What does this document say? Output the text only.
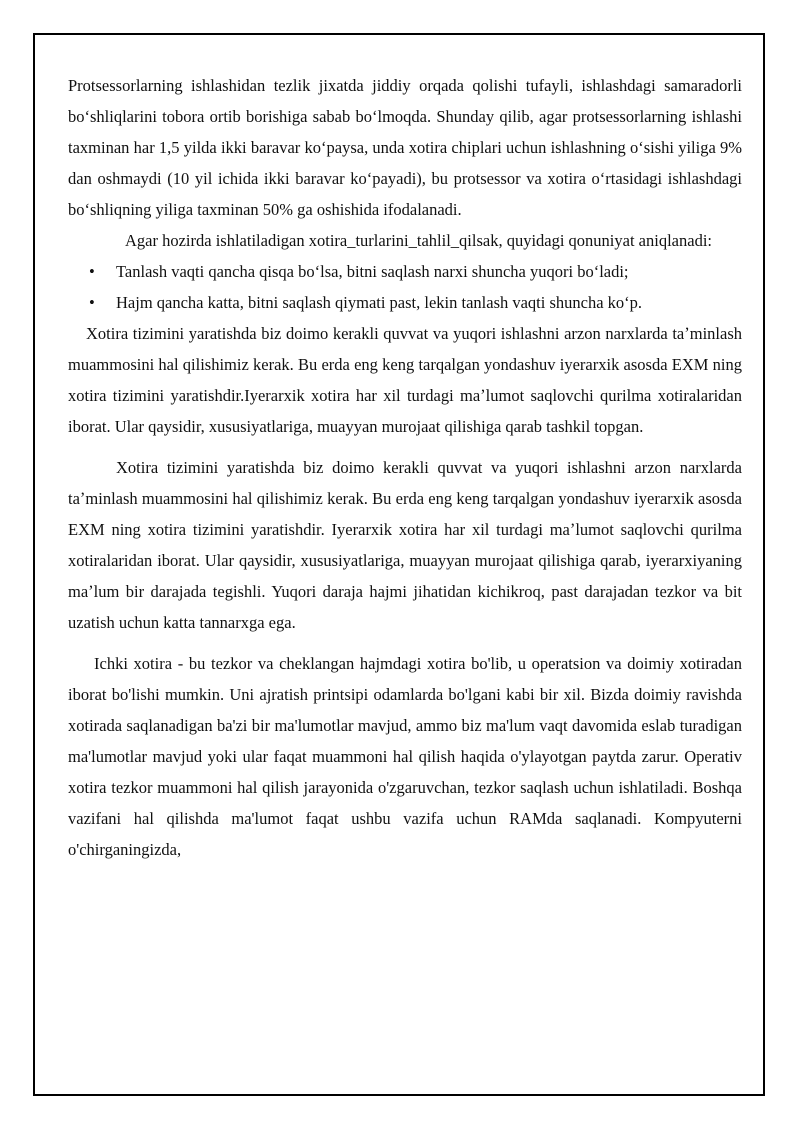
Protsessorlarning ishlashidan tezlik jixatda jiddiy orqada qolishi tufayli, ishlashdagi samaradorli boʻshliqlarini tobora ortib borishiga sabab boʻlmoqda. Shunday qilib, agar protsessorlarning ishlashi taxminan har 1,5 yilda ikki baravar koʻpaysa, unda xotira chiplari uchun ishlashning oʻsishi yiliga 9% dan oshmaydi (10 yil ichida ikki baravar koʻpayadi), bu protsessor va xotira oʻrtasidagi ishlashdagi boʻshliqning yiliga taxminan 50% ga oshishida ifodalanadi.

Agar hozirda ishlatiladigan xotira_turlarini_tahlil_qilsak, quyidagi qonuniyat aniqlanadi:

• Tanlash vaqti qancha qisqa boʻlsa, bitni saqlash narxi shuncha yuqori boʻladi;
• Hajm qancha katta, bitni saqlash qiymati past, lekin tanlash vaqti shuncha koʻp.

Xotira tizimini yaratishda biz doimo kerakli quvvat va yuqori ishlashni arzon narxlarda taʼminlash muammosini hal qilishimiz kerak. Bu erda eng keng tarqalgan yondashuv iyerarxik asosda EXM ning xotira tizimini yaratishdir.Iyerarxik xotira har xil turdagi maʼlumot saqlovchi qurilma xotiralaridan iborat. Ular qaysidir, xususiyatlariga, muayyan murojaat qilishiga qarab tashkil topgan.

Xotira tizimini yaratishda biz doimo kerakli quvvat va yuqori ishlashni arzon narxlarda taʼminlash muammosini hal qilishimiz kerak. Bu erda eng keng tarqalgan yondashuv iyerarxik asosda EXM ning xotira tizimini yaratishdir. Iyerarxik xotira har xil turdagi maʼlumot saqlovchi qurilma xotiralaridan iborat. Ular qaysidir, xususiyatlariga, muayyan murojaat qilishiga qarab, iyerarxiyaning maʼlum bir darajada tegishli. Yuqori daraja hajmi jihatidan kichikroq, past darajadan tezkor va bit uzatish uchun katta tannarxga ega.

Ichki xotira - bu tezkor va cheklangan hajmdagi xotira bo'lib, u operatsion va doimiy xotiradan iborat bo'lishi mumkin. Uni ajratish printsipi odamlarda bo'lgani kabi bir xil. Bizda doimiy ravishda xotirada saqlanadigan ba'zi bir ma'lumotlar mavjud, ammo biz ma'lum vaqt davomida eslab turadigan ma'lumotlar mavjud yoki ular faqat muammoni hal qilish haqida o'ylayotgan paytda zarur. Operativ xotira tezkor muammoni hal qilish jarayonida o'zgaruvchan, tezkor saqlash uchun ishlatiladi. Boshqa vazifani hal qilishda ma'lumot faqat ushbu vazifa uchun RAMda saqlanadi. Kompyuterni o'chirganingizda,
